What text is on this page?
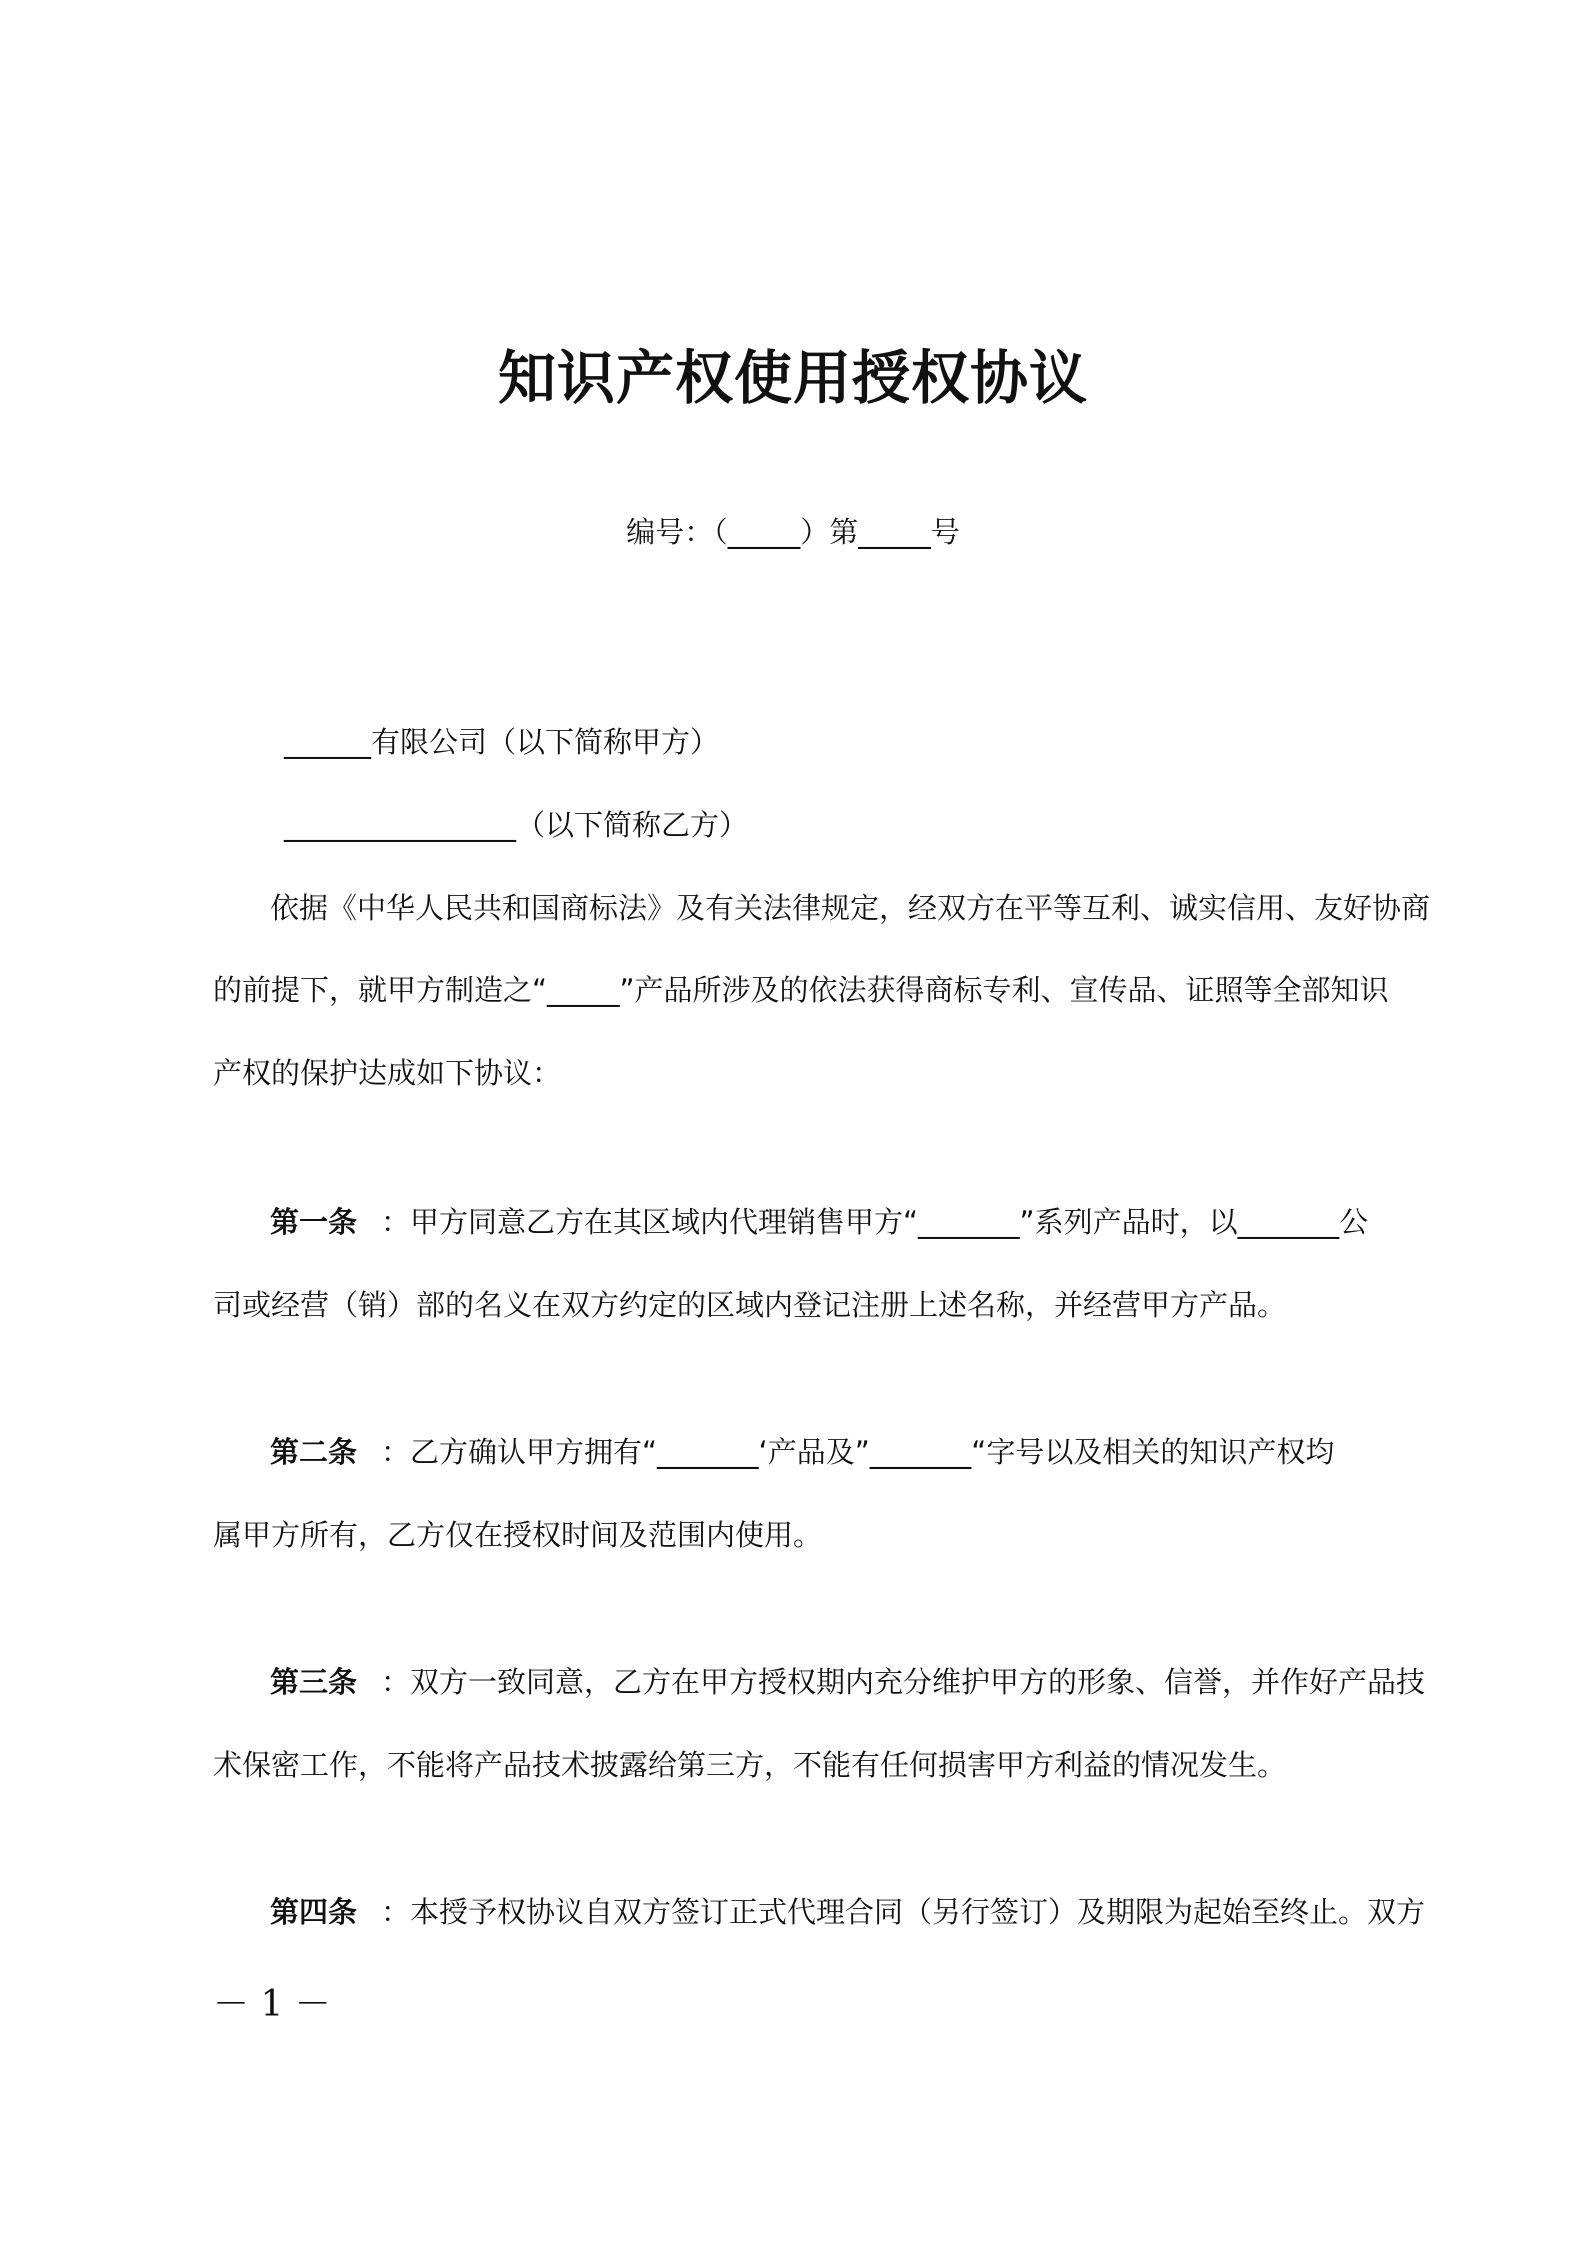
知识产权使用授权协议
编号：（_____）第_____号
______有限公司（以下简称甲方）
________________（以下简称乙方）
依据《中华人民共和国商标法》及有关法律规定，经双方在平等互利、诚实信用、友好协商
的前提下，就甲方制造之“_____”产品所涉及的依法获得商标专利、宣传品、证照等全部知识
产权的保护达成如下协议：
第一条 ：甲方同意乙方在其区域内代理销售甲方“_______”系列产品时，以_______公
司或经营（销）部的名义在双方约定的区域内登记注册上述名称，并经营甲方产品。
第二条 ：乙方确认甲方拥有“_______‘产品及”_______“字号以及相关的知识产权均
属甲方所有，乙方仅在授权时间及范围内使用。
第三条 ：双方一致同意，乙方在甲方授权期内充分维护甲方的形象、信誉，并作好产品技
术保密工作，不能将产品技术披露给第三方，不能有任何损害甲方利益的情况发生。
第四条 ：本授予权协议自双方签订正式代理合同（另行签订）及期限为起始至终止。双方
－ 1 －
